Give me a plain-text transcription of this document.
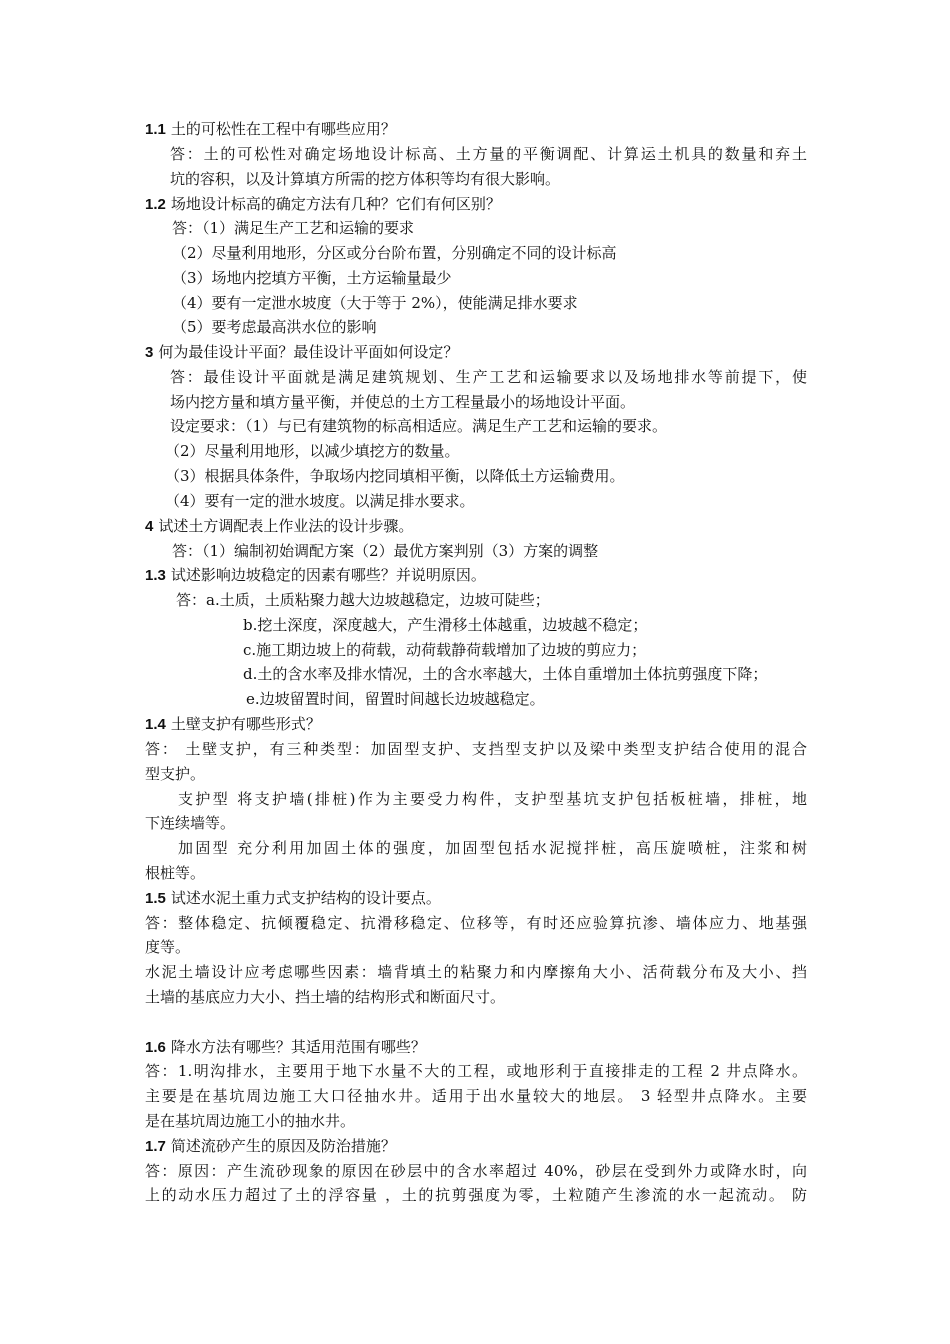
1.1 土的可松性在工程中有哪些应用？
答：土的可松性对确定场地设计标高、土方量的平衡调配、计算运土机具的数量和弃土
坑的容积，以及计算填方所需的挖方体积等均有很大影响。
1.2 场地设计标高的确定方法有几种？它们有何区别？
答：（1）满足生产工艺和运输的要求
（2）尽量利用地形，分区或分台阶布置，分别确定不同的设计标高
（3）场地内挖填方平衡，土方运输量最少
（4）要有一定泄水坡度（大于等于 2%），使能满足排水要求
（5）要考虑最高洪水位的影响
3 何为最佳设计平面？最佳设计平面如何设定？
答：最佳设计平面就是满足建筑规划、生产工艺和运输要求以及场地排水等前提下，使
场内挖方量和填方量平衡，并使总的土方工程量最小的场地设计平面。
设定要求：（1）与已有建筑物的标高相适应。满足生产工艺和运输的要求。
（2）尽量利用地形，以减少填挖方的数量。
（3）根据具体条件，争取场内挖同填相平衡，以降低土方运输费用。
（4）要有一定的泄水坡度。以满足排水要求。
4 试述土方调配表上作业法的设计步骤。
答：（1）编制初始调配方案（2）最优方案判别（3）方案的调整
1.3 试述影响边坡稳定的因素有哪些？并说明原因。
答：a.土质，土质粘聚力越大边坡越稳定，边坡可陡些；
b.挖土深度，深度越大，产生滑移土体越重，边坡越不稳定；
c.施工期边坡上的荷载，动荷载静荷载增加了边坡的剪应力；
d.土的含水率及排水情况，土的含水率越大，土体自重增加土体抗剪强度下降；
e.边坡留置时间，留置时间越长边坡越稳定。
1.4 土壁支护有哪些形式？
答： 土壁支护，有三种类型：加固型支护、支挡型支护以及梁中类型支护结合使用的混合
型支护。
支护型 将支护墙(排桩)作为主要受力构件，支护型基坑支护包括板桩墙，排桩，地
下连续墙等。
加固型 充分利用加固土体的强度，加固型包括水泥搅拌桩，高压旋喷桩，注浆和树
根桩等。
1.5 试述水泥土重力式支护结构的设计要点。
答：整体稳定、抗倾覆稳定、抗滑移稳定、位移等，有时还应验算抗渗、墙体应力、地基强
度等。
水泥土墙设计应考虑哪些因素：墙背填土的粘聚力和内摩擦角大小、活荷载分布及大小、挡
土墙的基底应力大小、挡土墙的结构形式和断面尺寸。
1.6 降水方法有哪些？其适用范围有哪些？
答：1.明沟排水，主要用于地下水量不大的工程，或地形利于直接排走的工程 2 井点降水。
主要是在基坑周边施工大口径抽水井。适用于出水量较大的地层。 3 轻型井点降水。主要
是在基坑周边施工小的抽水井。
1.7 简述流砂产生的原因及防治措施？
答：原因：产生流砂现象的原因在砂层中的含水率超过 40%，砂层在受到外力或降水时，向
上的动水压力超过了土的浮容量 ，土的抗剪强度为零，土粒随产生渗流的水一起流动。 防
